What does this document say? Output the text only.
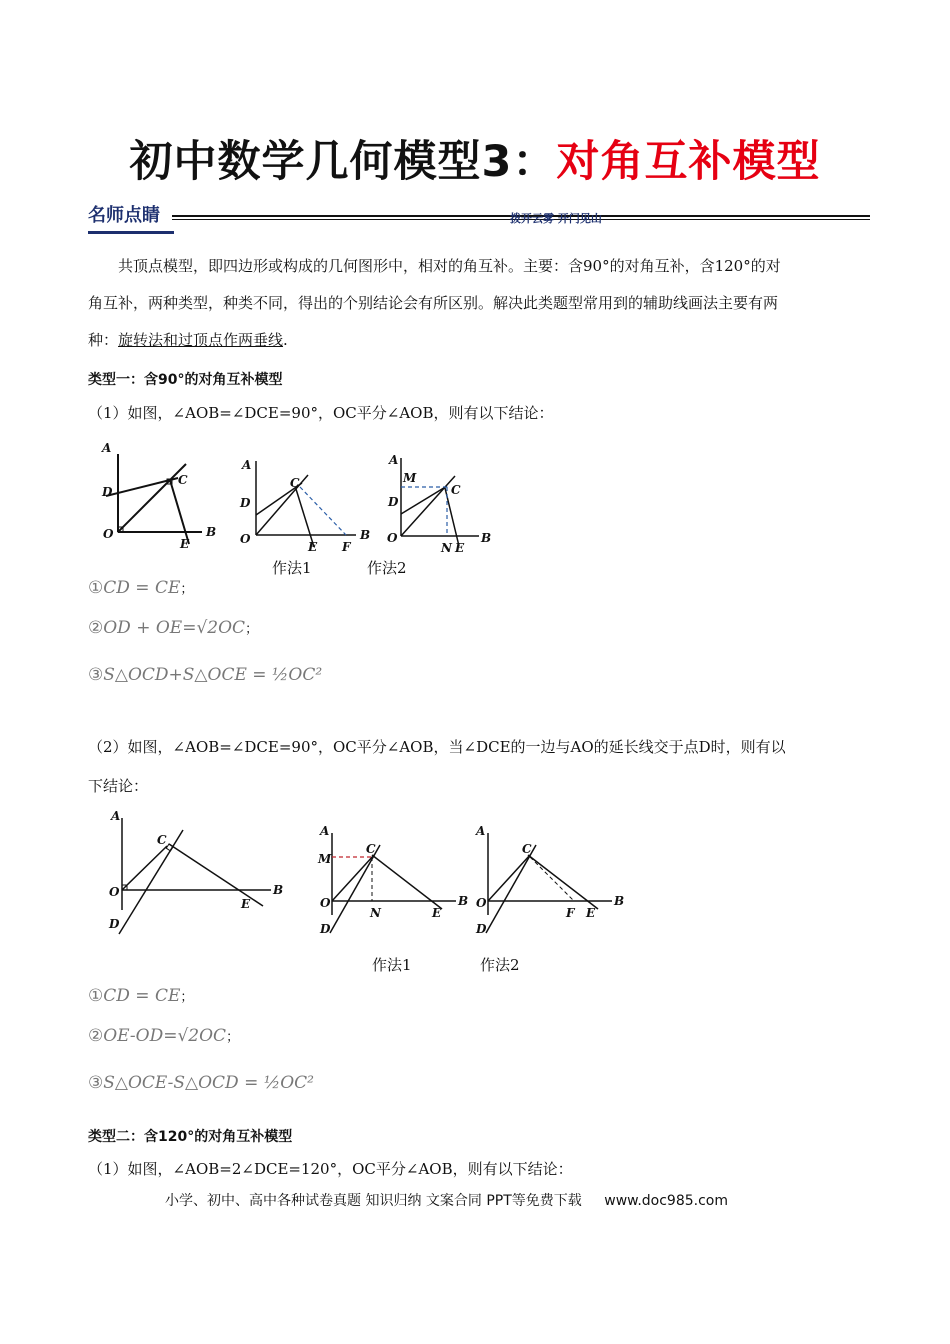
初中数学几何模型3：对角互补模型
名师点睛	拨开云雾 开门见山
共顶点模型，即四边形或构成的几何图形中，相对的角互补。主要：含90°的对角互补，含120°的对
角互补，两种类型，种类不同，得出的个别结论会有所区别。解决此类题型常用到的辅助线画法主要有两
种：旋转法和过顶点作两垂线.
类型一：含90°的对角互补模型
（1）如图，∠AOB=∠DCE=90°，OC平分∠AOB，则有以下结论：
A
D
O
C
E
B
A
D
O
C
E F
B
A
M
D
O
C
N E
B
作法1	作法2
①CD = CE；
②OD + OE=√2OC；
③S△OCD+S△OCE = ½OC²
（2）如图，∠AOB=∠DCE=90°，OC平分∠AOB，当∠DCE的一边与AO的延长线交于点D时，则有以
下结论：
A
C
O
D
E
B
A
C
M
O
N	E
B
D
A
C
O
F E
B
D
作法1	作法2
①CD = CE；
②OE-OD=√2OC；
③S△OCE-S△OCD = ½OC²
类型二：含120°的对角互补模型
（1）如图，∠AOB=2∠DCE=120°，OC平分∠AOB，则有以下结论：
小学、初中、高中各种试卷真题 知识归纳 文案合同 PPT等免费下载 www.doc985.com
